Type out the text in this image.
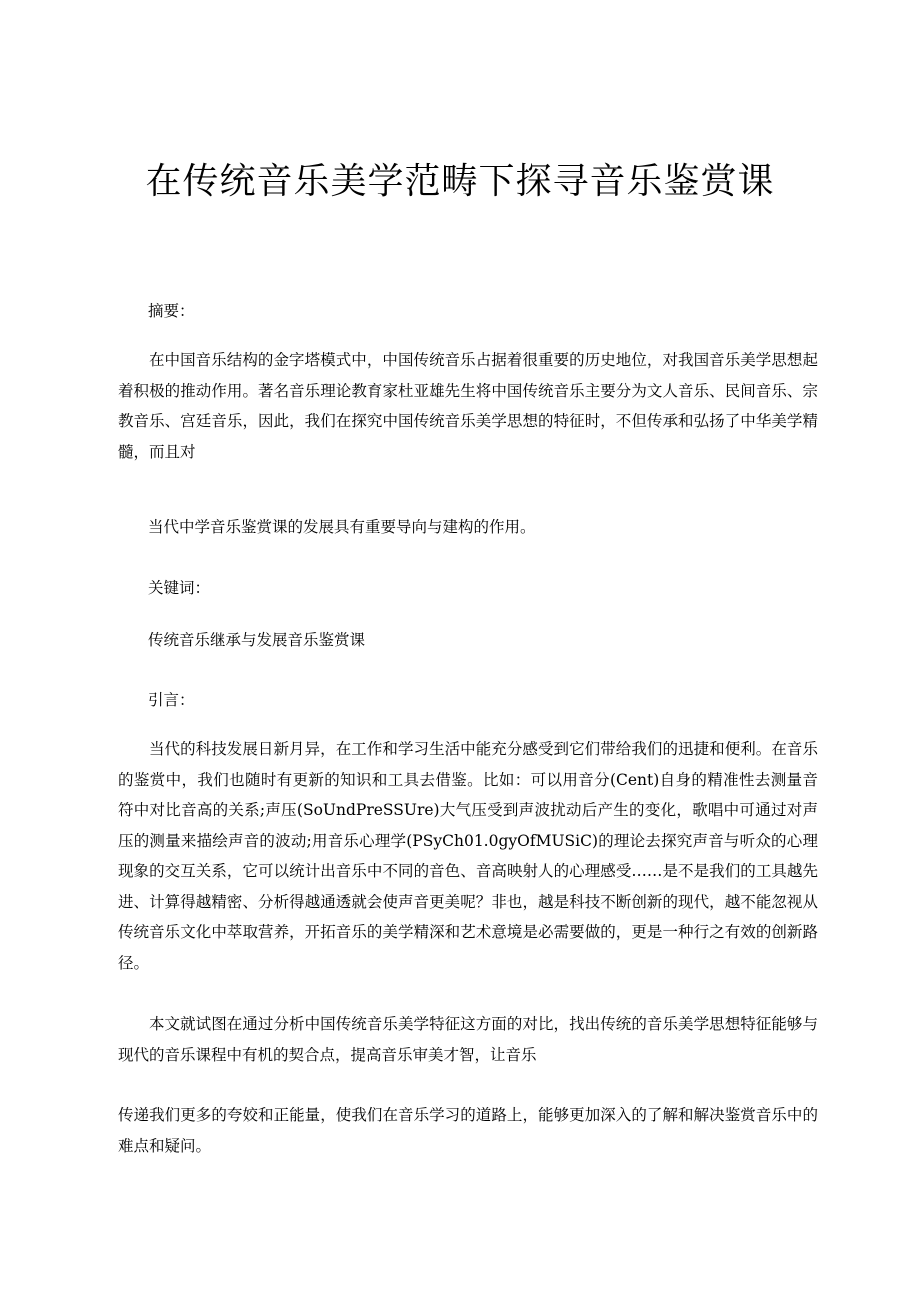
在传统音乐美学范畴下探寻音乐鉴赏课

摘要：

在中国音乐结构的金字塔模式中，中国传统音乐占据着很重要的历史地位，对我国音乐美学思想起着积极的推动作用。著名音乐理论教育家杜亚雄先生将中国传统音乐主要分为文人音乐、民间音乐、宗教音乐、宫廷音乐，因此，我们在探究中国传统音乐美学思想的特征时，不但传承和弘扬了中华美学精髓，而且对

当代中学音乐鉴赏课的发展具有重要导向与建构的作用。

关键词：

传统音乐继承与发展音乐鉴赏课

引言：

当代的科技发展日新月异，在工作和学习生活中能充分感受到它们带给我们的迅捷和便利。在音乐的鉴赏中，我们也随时有更新的知识和工具去借鉴。比如：可以用音分(Cent)自身的精准性去测量音符中对比音高的关系;声压(SoUndPreSSUre)大气压受到声波扰动后产生的变化，歌唱中可通过对声压的测量来描绘声音的波动;用音乐心理学(PSyCh01.0gyOfMUSiC)的理论去探究声音与听众的心理现象的交互关系，它可以统计出音乐中不同的音色、音高映射人的心理感受……是不是我们的工具越先进、计算得越精密、分析得越通透就会使声音更美呢？非也，越是科技不断创新的现代，越不能忽视从传统音乐文化中萃取营养，开拓音乐的美学精深和艺术意境是必需要做的，更是一种行之有效的创新路径。

本文就试图在通过分析中国传统音乐美学特征这方面的对比，找出传统的音乐美学思想特征能够与现代的音乐课程中有机的契合点，提高音乐审美才智，让音乐

传递我们更多的夸姣和正能量，使我们在音乐学习的道路上，能够更加深入的了解和解决鉴赏音乐中的难点和疑问。
